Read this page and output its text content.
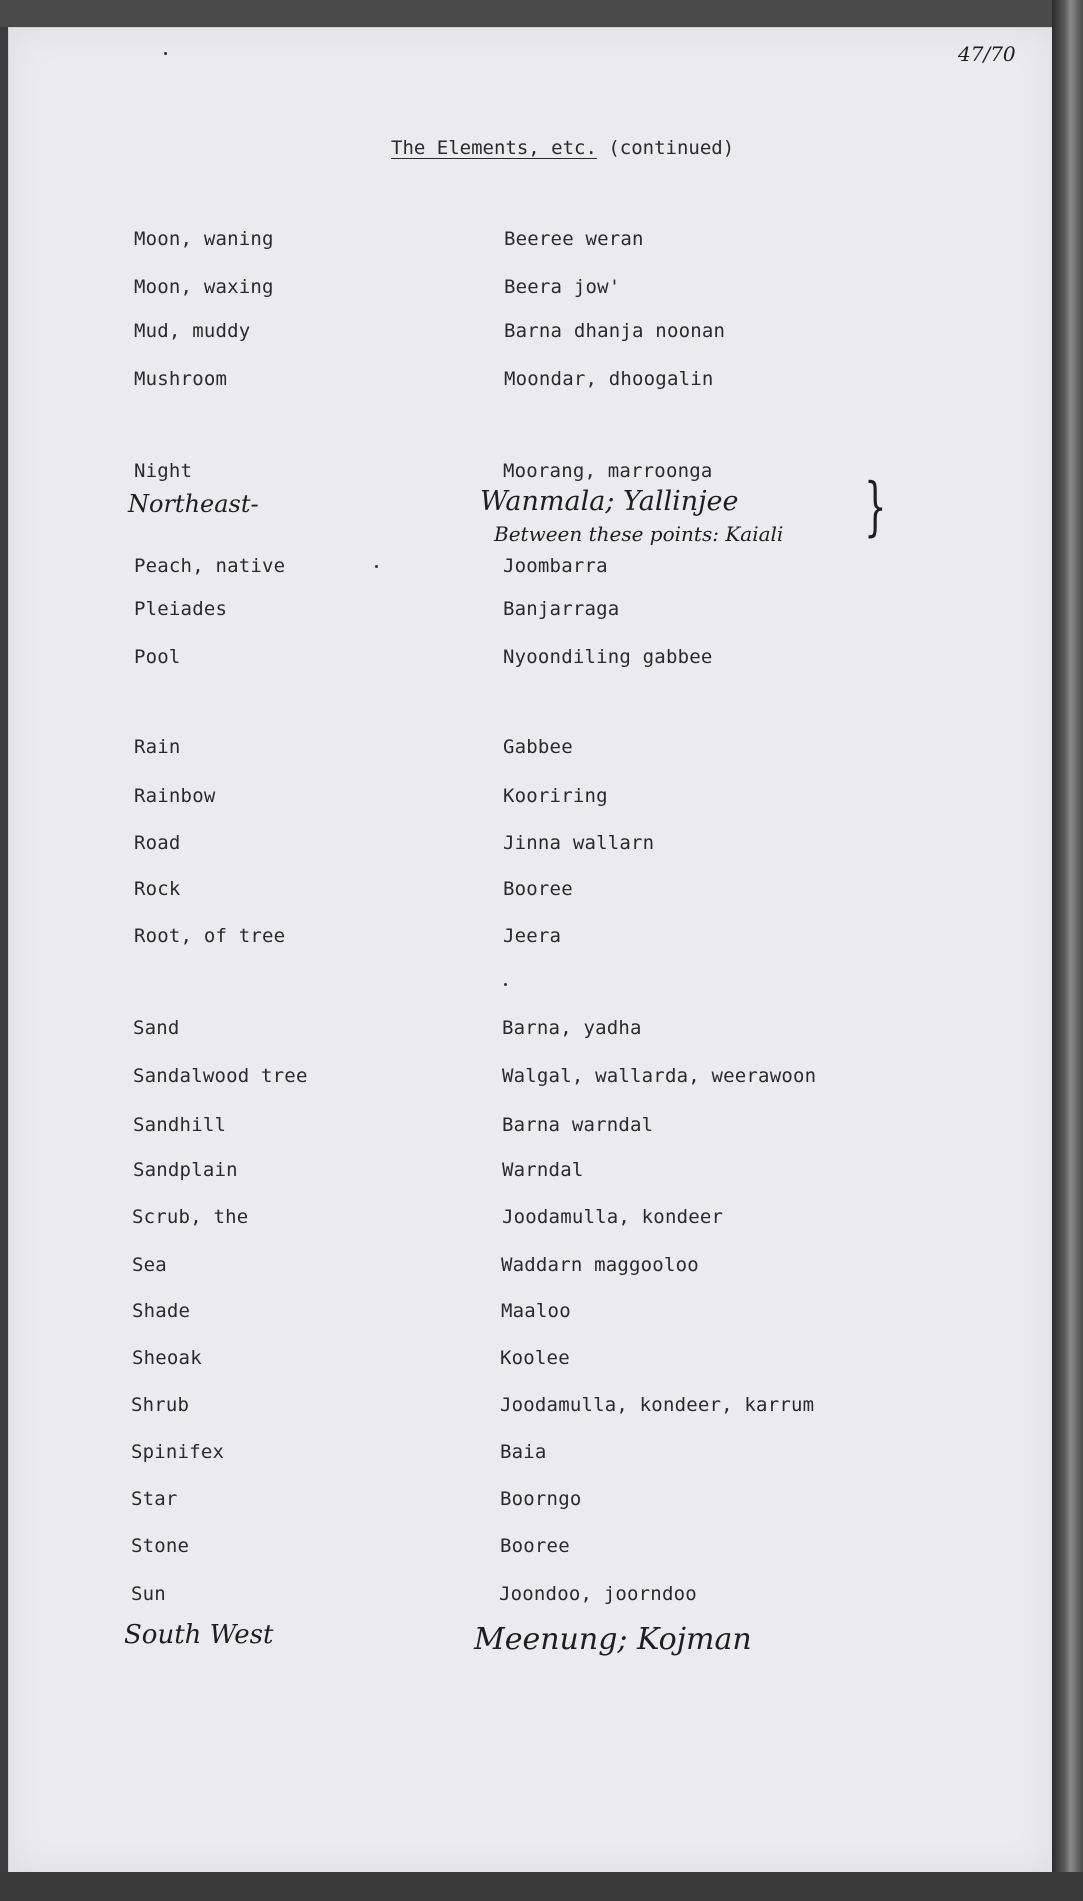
47/70
The Elements, etc. (continued)
Moon, waning	Beeree weran
Moon, waxing	Beera jow'
Mud, muddy	Barna dhanja noonan
Mushroom	Moondar, dhoogalin
Night	Moorang, marroonga
Peach, native	Joombarra
Pleiades	Banjarraga
Pool	Nyoondiling gabbee
Rain	Gabbee
Rainbow	Kooriring
Road	Jinna wallarn
Rock	Booree
Root, of tree	Jeera
Sand	Barna, yadha
Sandalwood tree	Walgal, wallarda, weerawoon
Sandhill	Barna warndal
Sandplain	Warndal
Scrub, the	Joodamulla, kondeer
Sea	Waddarn maggooloo
Shade	Maaloo
Sheoak	Koolee
Shrub	Joodamulla, kondeer, karrum
Spinifex	Baia
Star	Boorngo
Stone	Booree
Sun	Joondoo, joorndoo
Northeast-	Wanmala; Yallinjee
Between these points: Kaiali }
South West	Meenung; Kojman
